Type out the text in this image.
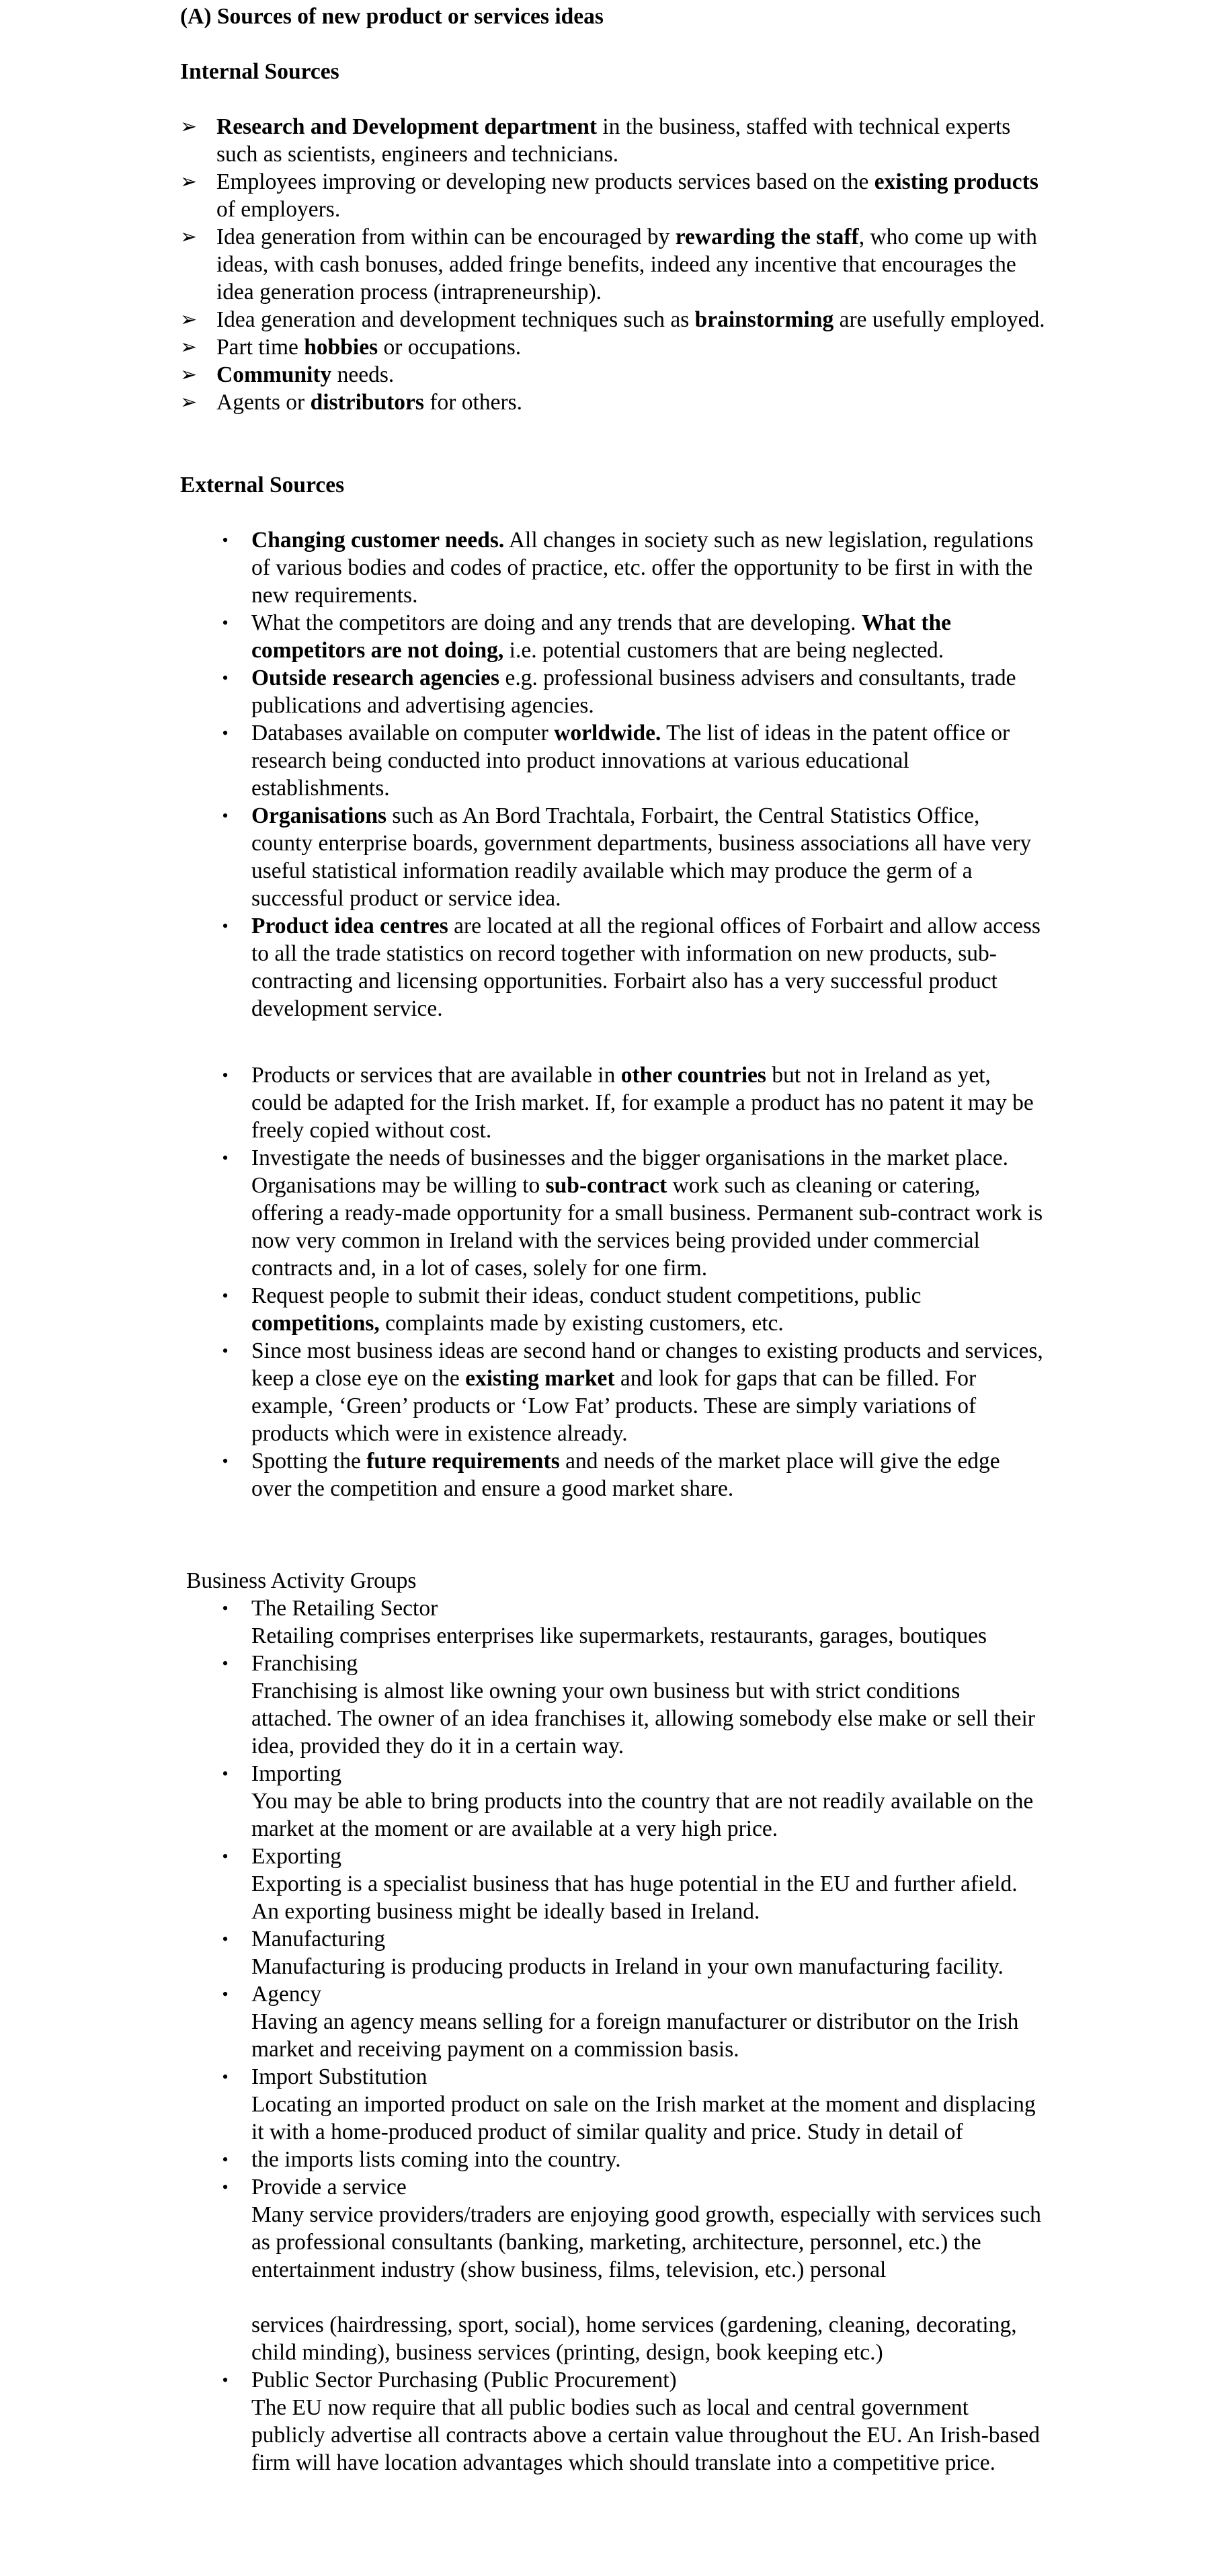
(A) Sources of new product or services ideas
Internal Sources
➢ Research and Development department in the business, staffed with technical experts such as scientists, engineers and technicians.
➢ Employees improving or developing new products services based on the existing products of employers.
➢ Idea generation from within can be encouraged by rewarding the staff, who come up with ideas, with cash bonuses, added fringe benefits, indeed any incentive that encourages the idea generation process (intrapreneurship).
➢ Idea generation and development techniques such as brainstorming are usefully employed.
➢ Part time hobbies or occupations.
➢ Community needs.
➢ Agents or distributors for others.
External Sources
•	Changing customer needs. All changes in society such as new legislation, regulations of various bodies and codes of practice, etc. offer the opportunity to be first in with the new requirements.
•	What the competitors are doing and any trends that are developing. What the competitors are not doing, i.e. potential customers that are being neglected.
•	Outside research agencies e.g. professional business advisers and consultants, trade publications and advertising agencies.
•	Databases available on computer worldwide. The list of ideas in the patent office or research being conducted into product innovations at various educational establishments.
•	Organisations such as An Bord Trachtala, Forbairt, the Central Statistics Office, county enterprise boards, government departments, business associations all have very useful statistical information readily available which may produce the germ of a successful product or service idea.
•	Product idea centres are located at all the regional offices of Forbairt and allow access to all the trade statistics on record together with information on new products, sub-contracting and licensing opportunities. Forbairt also has a very successful product development service.
•	Products or services that are available in other countries but not in Ireland as yet, could be adapted for the Irish market. If, for example a product has no patent it may be freely copied without cost.
•	Investigate the needs of businesses and the bigger organisations in the market place. Organisations may be willing to sub-contract work such as cleaning or catering, offering a ready-made opportunity for a small business. Permanent sub-contract work is now very common in Ireland with the services being provided under commercial contracts and, in a lot of cases, solely for one firm.
•	Request people to submit their ideas, conduct student competitions, public competitions, complaints made by existing customers, etc.
•	Since most business ideas are second hand or changes to existing products and services, keep a close eye on the existing market and look for gaps that can be filled. For example, ‘Green’ products or ‘Low Fat’ products. These are simply variations of products which were in existence already.
•	Spotting the future requirements and needs of the market place will give the edge over the competition and ensure a good market share.
Business Activity Groups
•	The Retailing Sector
Retailing comprises enterprises like supermarkets, restaurants, garages, boutiques
•	Franchising
Franchising is almost like owning your own business but with strict conditions attached. The owner of an idea franchises it, allowing somebody else make or sell their idea, provided they do it in a certain way.
•	Importing
You may be able to bring products into the country that are not readily available on the market at the moment or are available at a very high price.
•	Exporting
Exporting is a specialist business that has huge potential in the EU and further afield. An exporting business might be ideally based in Ireland.
•	Manufacturing
Manufacturing is producing products in Ireland in your own manufacturing facility.
•	Agency
Having an agency means selling for a foreign manufacturer or distributor on the Irish market and receiving payment on a commission basis.
•	Import Substitution
Locating an imported product on sale on the Irish market at the moment and displacing it with a home-produced product of similar quality and price. Study in detail of
•	the imports lists coming into the country.
•	Provide a service
Many service providers/traders are enjoying good growth, especially with services such as professional consultants (banking, marketing, architecture, personnel, etc.) the entertainment industry (show business, films, television, etc.) personal
services (hairdressing, sport, social), home services (gardening, cleaning, decorating, child minding), business services (printing, design, book keeping etc.)
•	Public Sector Purchasing (Public Procurement)
The EU now require that all public bodies such as local and central government publicly advertise all contracts above a certain value throughout the EU. An Irish-based firm will have location advantages which should translate into a competitive price.
